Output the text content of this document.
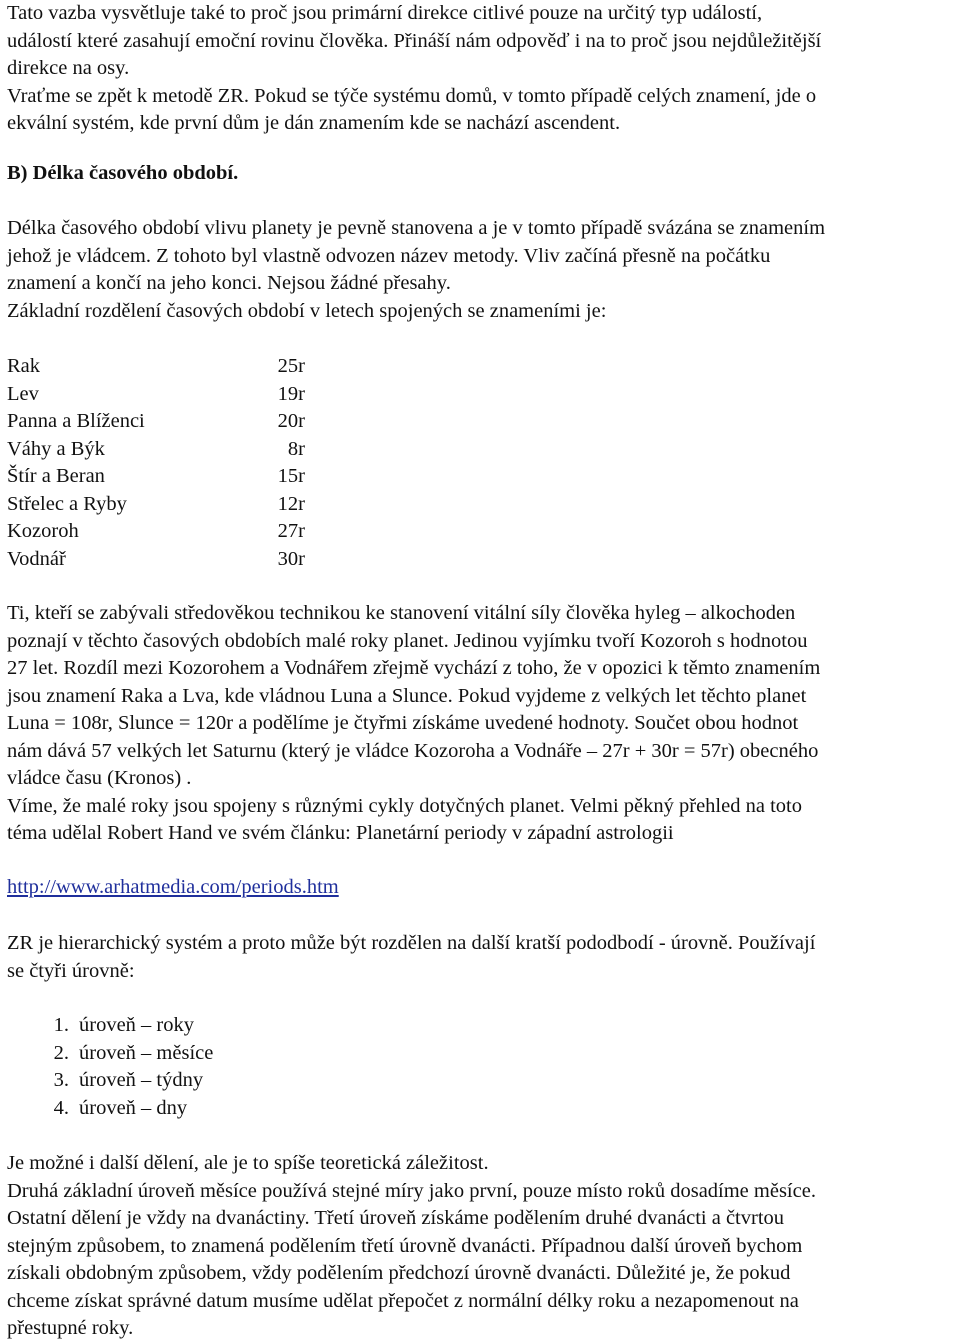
Tato vazba vysvětluje také to proč jsou primární direkce citlivé pouze na určitý typ událostí,
událostí které zasahují emoční rovinu člověka. Přináší nám odpověď i na to proč jsou nejdůležitější
direkce na osy.
Vraťme se zpět k metodě ZR. Pokud se týče systému domů, v tomto případě celých znamení, jde o
ekvální systém, kde první dům je dán znamením kde se nachází ascendent.
B) Délka časového období.
Délka časového období vlivu planety je pevně stanovena a je v tomto případě svázána se znamením
jehož je vládcem. Z tohoto byl vlastně odvozen název metody. Vliv začíná přesně na počátku
znamení a končí na jeho konci. Nejsou žádné přesahy.
Základní rozdělení časových období v letech spojených se znameními je:
Rak	25r
Lev	19r
Panna a Blíženci	20r
Váhy a Býk	8r
Štír a Beran	15r
Střelec a Ryby	12r
Kozoroh	27r
Vodnář	30r
Ti, kteří se zabývali středověkou technikou ke stanovení vitální síly člověka hyleg – alkochoden
poznají v těchto časových obdobích malé roky planet. Jedinou vyjímku tvoří Kozoroh s hodnotou
27 let. Rozdíl mezi Kozorohem a Vodnářem zřejmě vychází z toho, že v opozici k těmto znamením
jsou znamení Raka a Lva, kde vládnou Luna a Slunce. Pokud vyjdeme z velkých let těchto planet
Luna = 108r, Slunce = 120r a podělíme je čtyřmi získáme uvedené hodnoty. Součet obou hodnot
nám dává 57 velkých let Saturnu (který je vládce Kozoroha a Vodnáře – 27r + 30r = 57r) obecného
vládce času (Kronos) .
Víme, že malé roky jsou spojeny s různými cykly dotyčných planet. Velmi pěkný přehled na toto
téma udělal Robert Hand ve svém článku: Planetární periody v západní astrologii
http://www.arhatmedia.com/periods.htm
ZR je hierarchický systém a proto může být rozdělen na další kratší pododbodí - úrovně. Používají
se čtyři úrovně:
1. úroveň – roky
2. úroveň – měsíce
3. úroveň – týdny
4. úroveň – dny
Je možné i další dělení, ale je to spíše teoretická záležitost.
Druhá základní úroveň měsíce používá stejné míry jako první, pouze místo roků dosadíme měsíce.
Ostatní dělení je vždy na dvanáctiny. Třetí úroveň získáme podělením druhé dvanácti a čtvrtou
stejným způsobem, to znamená podělením třetí úrovně dvanácti. Případnou další úroveň bychom
získali obdobným způsobem, vždy podělením předchozí úrovně dvanácti. Důležité je, že pokud
chceme získat správné datum musíme udělat přepočet z normální délky roku a nezapomenout na
přestupné roky.
